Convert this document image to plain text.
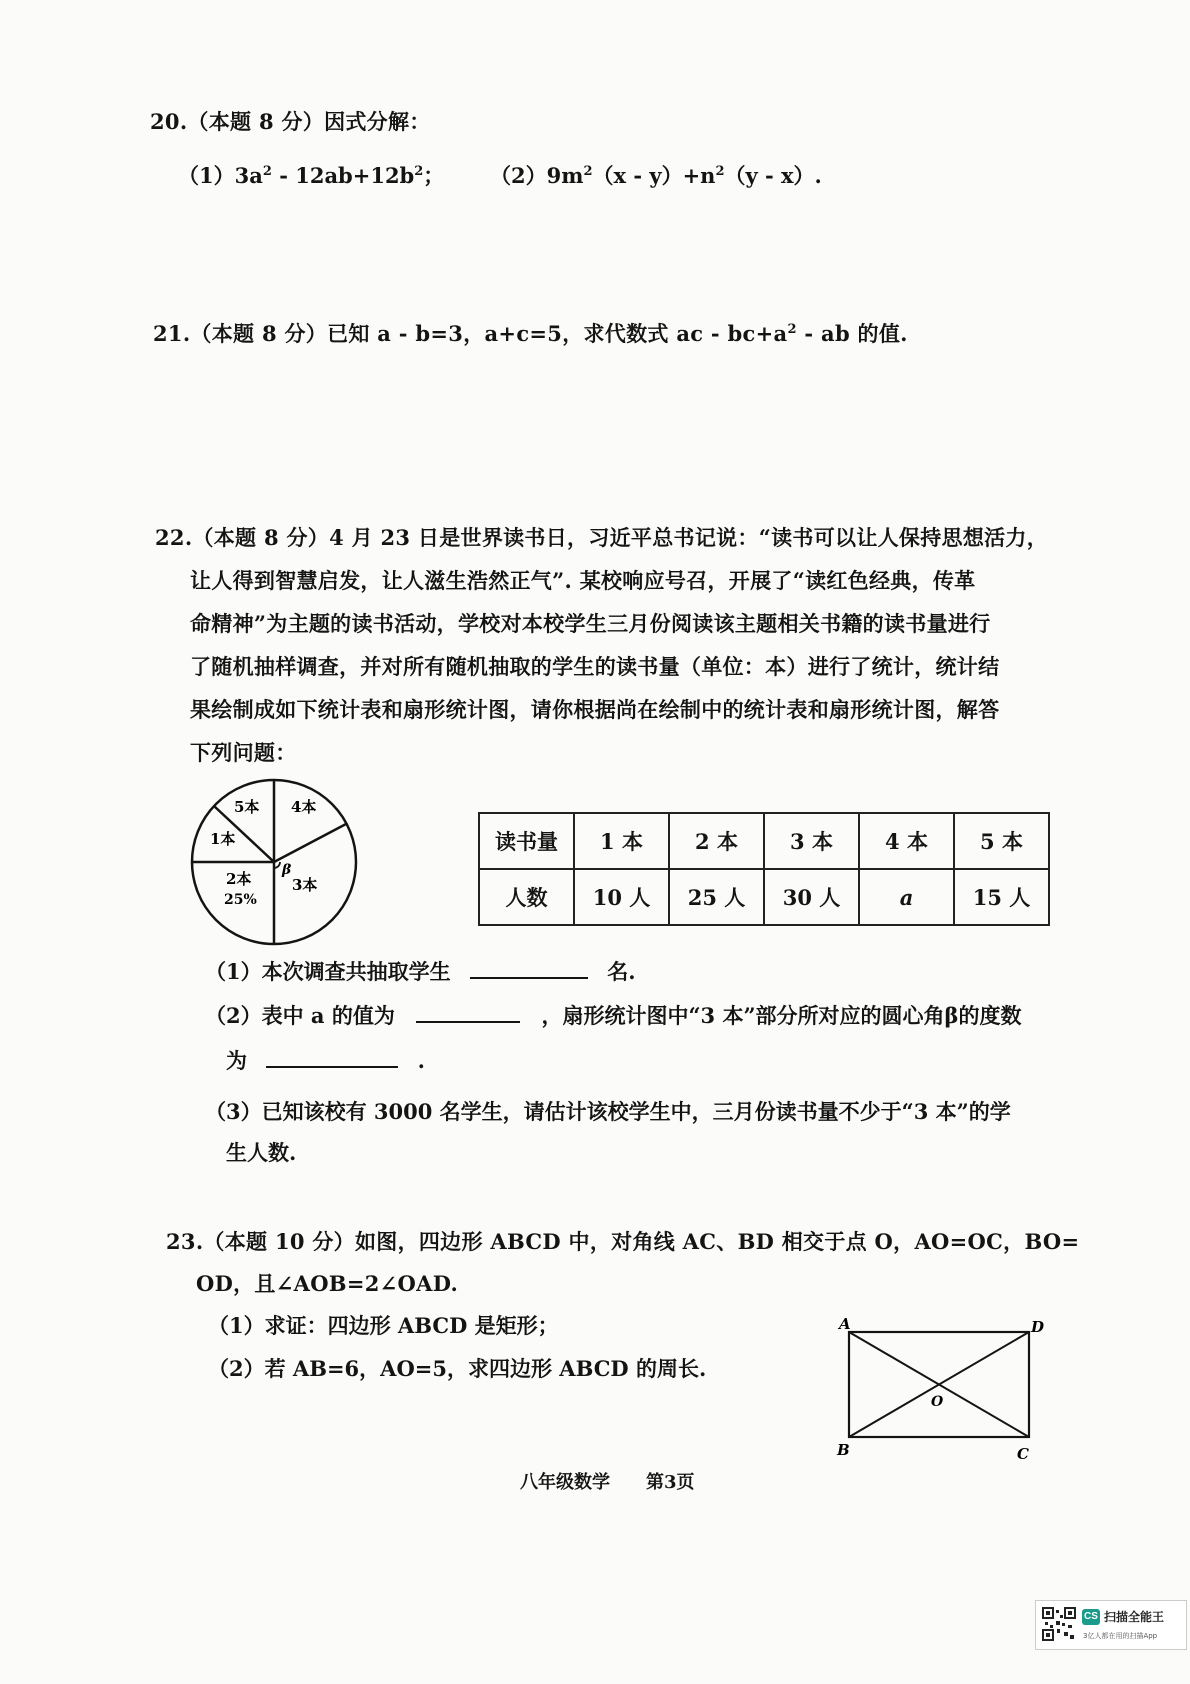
20.（本题 8 分）因式分解：
$(1)3a^2 - 12ab+12b^2$； $(2)9m^2(x - y)+n^2(y - x)$.
21.（本题 8 分）已知 a - b=3，a+c=5，求代数式 ac - $bc+a^2$ - ab 的值.
22.（本题 8 分）4 月 23 日是世界读书日，习近平总书记说：“读书可以让人保持思想活力，
让人得到智慧启发，让人滋生浩然正气”. 某校响应号召，开展了“读红色经典，传革
命精神”为主题的读书活动，学校对本校学生三月份阅读该主题相关书籍的读书量进行
了随机抽样调查，并对所有随机抽取的学生的读书量（单位：本）进行了统计，统计结
果绘制成如下统计表和扇形统计图，请你根据尚在绘制中的统计表和扇形统计图，解答
下列问题：
5本
1本
4本
2本
25%
β
3本
读书量	1 本	2 本	3 本	4 本	5 本
人数	10 人	25 人	30 人	a	15 人
（1）本次调查共抽取学生	名.
（2）表中 a 的值为	，扇形统计图中“3 本”部分所对应的圆心角β的度数
为	.
（3）已知该校有 3000 名学生，请估计该校学生中，三月份读书量不少于“3 本”的学
生人数.
23.（本题 10 分）如图，四边形 ABCD 中，对角线 AC、BD 相交于点 O，AO=OC，BO=
OD，且∠AOB=2∠OAD.
（1）求证：四边形 ABCD 是矩形；
（2）若 AB=6，AO=5，求四边形 ABCD 的周长.
A	D
B	C
O
八年级数学 第3页
CS 扫描全能王
3亿人都在用的扫描App
